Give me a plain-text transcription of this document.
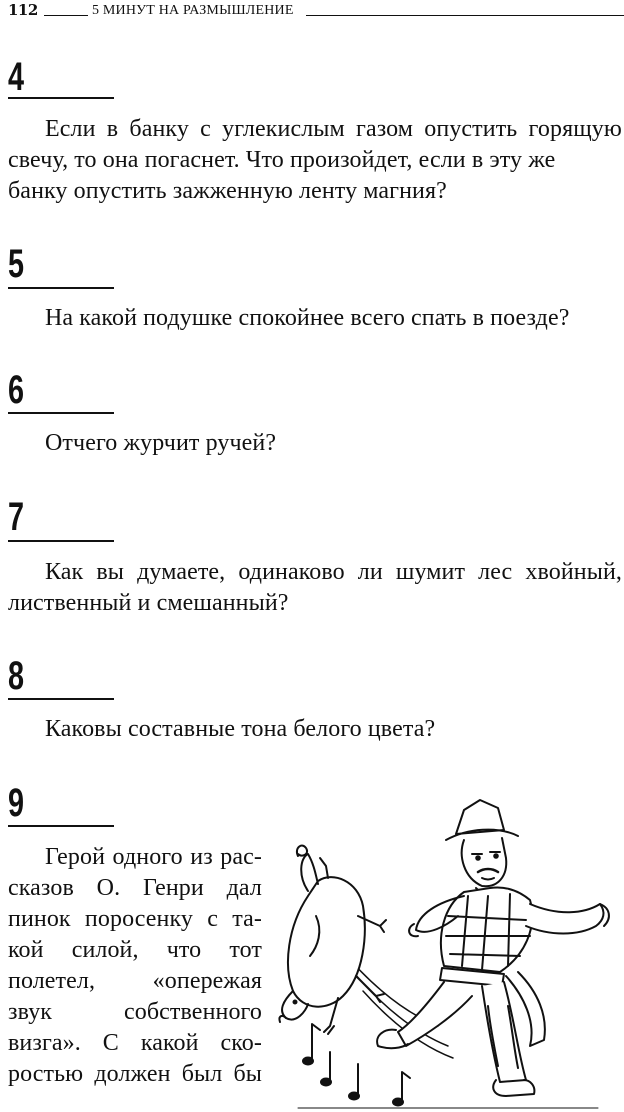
112	5 МИНУТ НА РАЗМЫШЛЕНИЕ
4
Если в банку с углекислым газом опустить горящую
свечу, то она погаснет. Что произойдет, если в эту же
банку опустить зажженную ленту магния?
5
На какой подушке спокойнее всего спать в поезде?
6
Отчего журчит ручей?
7
Как вы думаете, одинаково ли шумит лес хвойный,
лиственный и смешанный?
8
Каковы составные тона белого цвета?
9
Герой одного из рас-
сказов О. Генри дал
пинок поросенку с та-
кой силой, что тот
полетел, «опережая
звук	собственного
визга». С какой ско-
ростью должен был бы
